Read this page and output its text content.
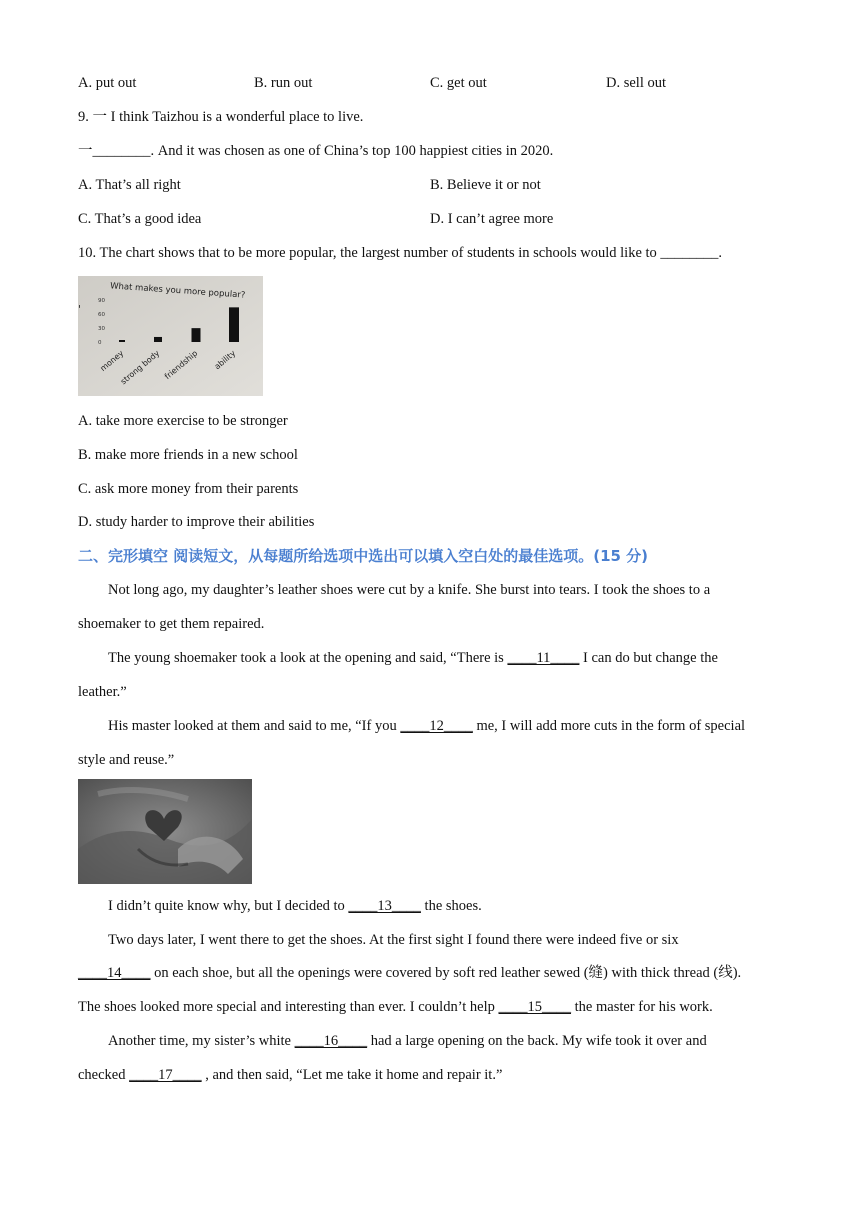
A. put out	B. run out	C. get out	D. sell out
9. 一 I think Taizhou is a wonderful place to live.
一________. And it was chosen as one of China’s top 100 happiest cities in 2020.
A. That’s all right	B. Believe it or not
C. That’s a good idea	D. I can’t agree more
10. The chart shows that to be more popular, the largest number of students in schools would like to ________.
'
What makes you more popular?
90
60
30
0
money
strong body friendship ability
A. take more exercise to be stronger
B. make more friends in a new school
C. ask more money from their parents
D. study harder to improve their abilities
二、完形填空 阅读短文，从每题所给选项中选出可以填入空白处的最佳选项。(15 分)
Not long ago, my daughter’s leather shoes were cut by a knife. She burst into tears. I took the shoes to a
shoemaker to get them repaired.
The young shoemaker took a look at the opening and said, “There is ____11____ I can do but change the
leather.”
His master looked at them and said to me, “If you ____12____ me, I will add more cuts in the form of special
style and reuse.”
I didn’t quite know why, but I decided to ____13____ the shoes.
Two days later, I went there to get the shoes. At the first sight I found there were indeed five or six
____14____ on each shoe, but all the openings were covered by soft red leather sewed (缝) with thick thread (线).
The shoes looked more special and interesting than ever. I couldn’t help ____15____ the master for his work.
Another time, my sister’s white ____16____ had a large opening on the back. My wife took it over and
checked ____17____ , and then said, “Let me take it home and repair it.”
